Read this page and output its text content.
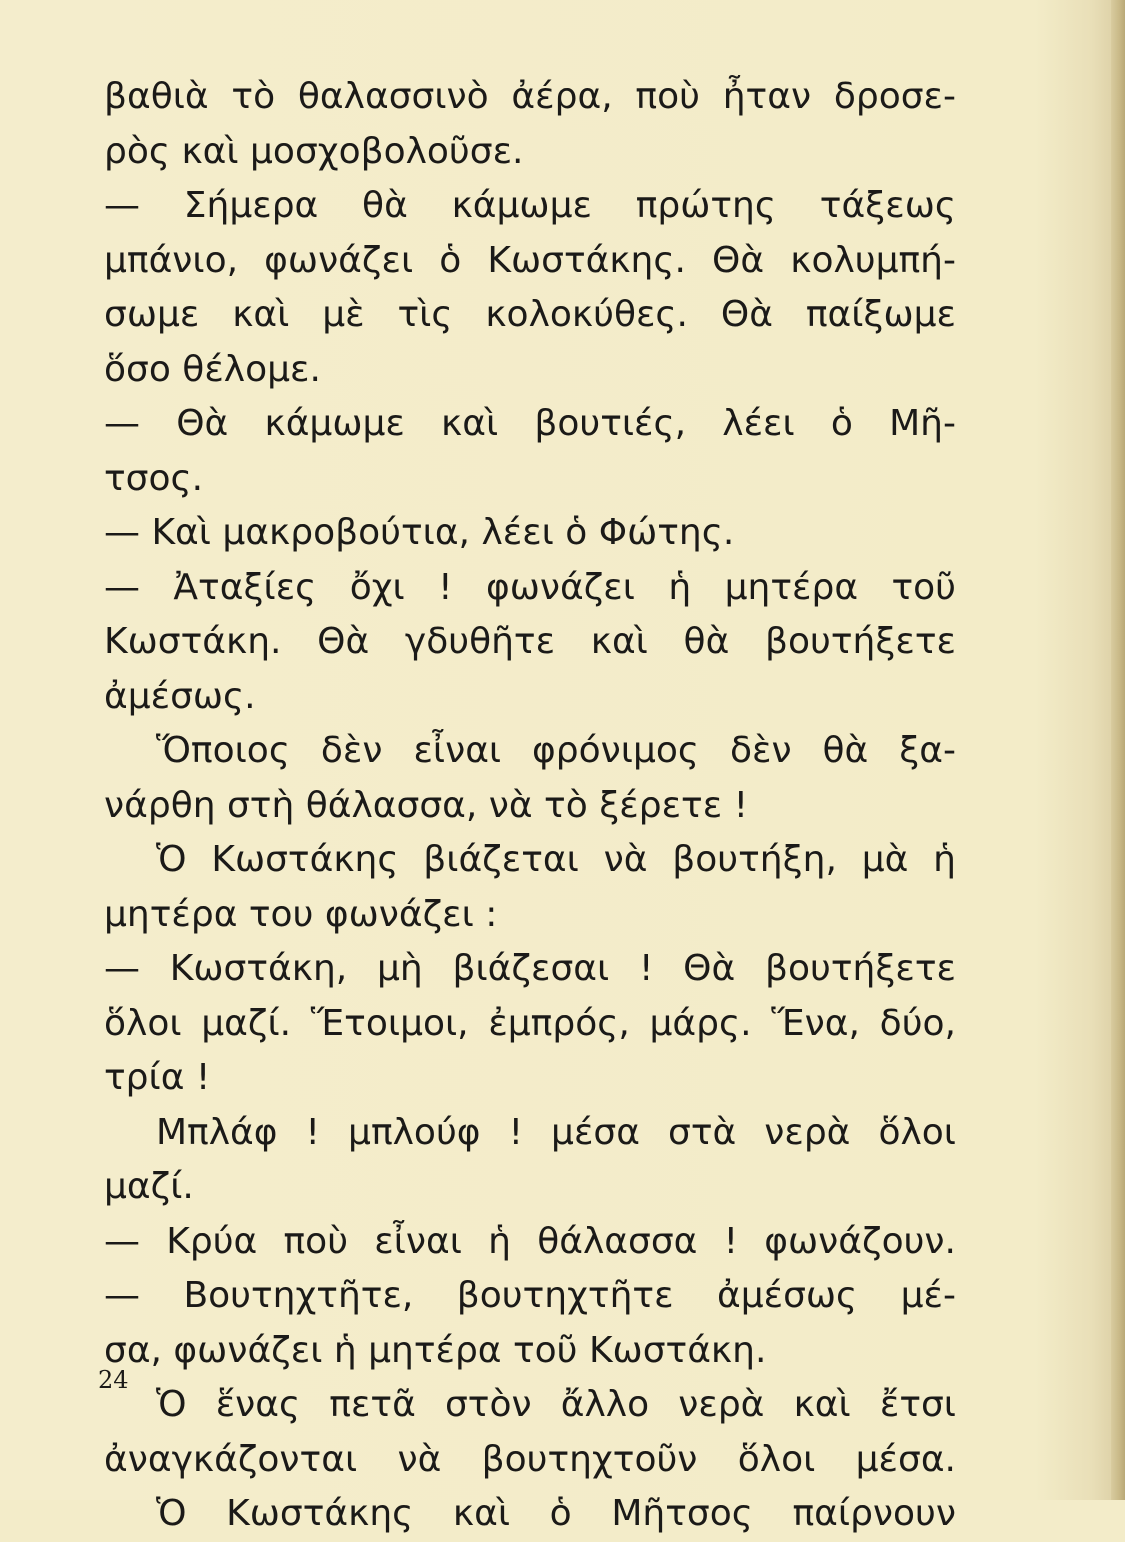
βαθιὰ τὸ θαλασσινὸ ἀέρα, ποὺ ἦταν δροσε-
ρὸς καὶ μοσχοβολοῦσε.
— Σήμερα θὰ κάμωμε πρώτης τάξεως
μπάνιο, φωνάζει ὁ Κωστάκης. Θὰ κολυμπή-
σωμε καὶ μὲ τὶς κολοκύθες. Θὰ παίξωμε
ὅσο θέλομε.
— Θὰ κάμωμε καὶ βουτιές, λέει ὁ Μῆ-
τσος.
— Καὶ μακροβούτια, λέει ὁ Φώτης.
— Ἀταξίες ὄχι ! φωνάζει ἡ μητέρα τοῦ
Κωστάκη. Θὰ γδυθῆτε καὶ θὰ βουτήξετε
ἀμέσως.
Ὅποιος δὲν εἶναι φρόνιμος δὲν θὰ ξα-
νάρθη στὴ θάλασσα, νὰ τὸ ξέρετε !
Ὁ Κωστάκης βιάζεται νὰ βουτήξη, μὰ ἡ
μητέρα του φωνάζει :
— Κωστάκη, μὴ βιάζεσαι ! Θὰ βουτήξετε
ὅλοι μαζί. Ἕτοιμοι, ἐμπρός, μάρς. Ἕνα, δύο,
τρία !
Μπλάφ ! μπλούφ ! μέσα στὰ νερὰ ὅλοι
μαζί.
— Κρύα ποὺ εἶναι ἡ θάλασσα ! φωνάζουν.
— Βουτηχτῆτε, βουτηχτῆτε ἀμέσως μέ-
σα, φωνάζει ἡ μητέρα τοῦ Κωστάκη.
Ὁ ἕνας πετᾶ στὸν ἄλλο νερὰ καὶ ἔτσι
ἀναγκάζονται νὰ βουτηχτοῦν ὅλοι μέσα.
Ὁ Κωστάκης καὶ ὁ Μῆτσος παίρνουν
24
